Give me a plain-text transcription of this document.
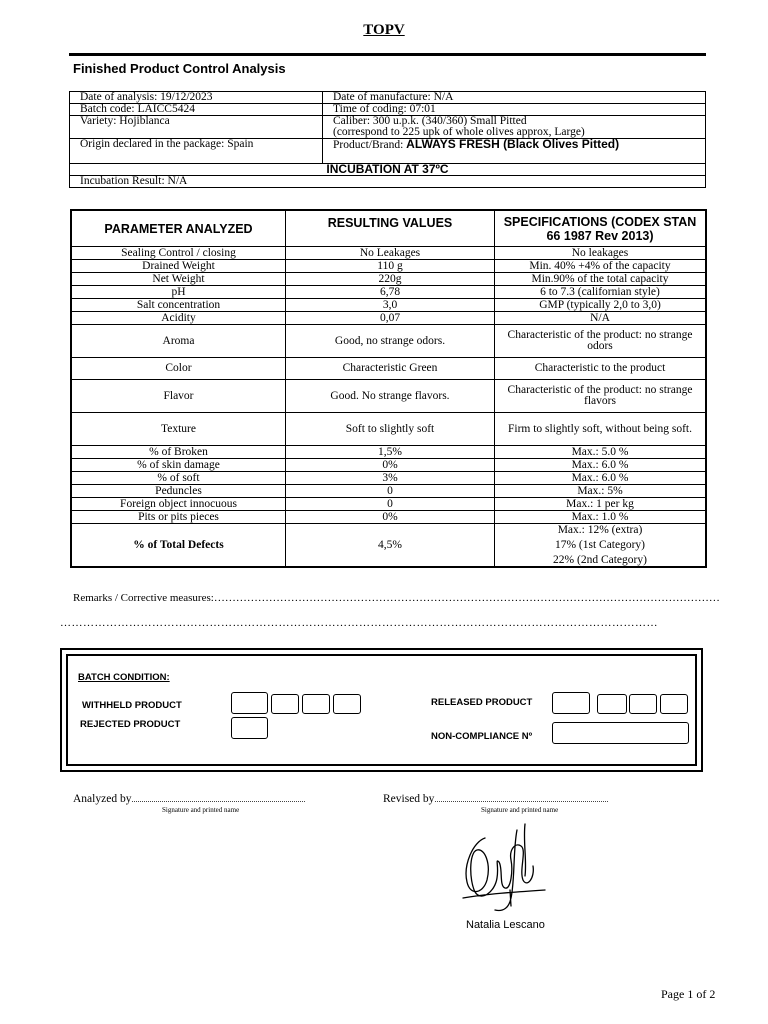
TOPV
Finished Product Control Analysis
Date of analysis: 19/12/2023	Date of manufacture: N/A
Batch code: LAICC5424	Time of coding: 07:01
Variety: Hojiblanca	Caliber: 300 u.p.k. (340/360) Small Pitted
(correspond to 225 upk of whole olives approx, Large)

Origin declared in the package: Spain	Product/Brand: ALWAYS FRESH (Black Olives Pitted)
INCUBATION AT 37ºC	
Incubation Result: N/A	
PARAMETER ANALYZED	RESULTING VALUES	SPECIFICATIONS (CODEX STAN 66 1987 Rev 2013)
Sealing Control / closing	No Leakages	No leakages
Drained Weight	110 g	Min. 40% +4% of the capacity
Net Weight	220g	Min.90% of the total capacity
pH	6,78	6 to 7.3 (californian style)
Salt concentration	3,0	GMP (typically 2,0 to 3,0)
Acidity	0,07	N/A
Aroma	Good, no strange odors.	Characteristic of the product: no strange odors
Color	Characteristic Green	Characteristic to the product
Flavor	Good. No strange flavors.	Characteristic of the product: no strange flavors
Texture	Soft to slightly soft	Firm to slightly soft, without being soft.
% of Broken	1,5%	Max.: 5.0 %
% of skin damage	0%	Max.: 6.0 %
% of soft	3%	Max.: 6.0 %
Peduncles	0	Max.: 5%
Foreign object innocuous	0	Max.: 1 per kg
Pits or pits pieces	0%	Max.: 1.0 %
% of Total Defects	4,5%	Max.: 12% (extra)
17% (1st Category)
22% (2nd Category)
Remarks / Corrective measures:…………………………………………………………………………………………………………………………
…………………………………………………………………………………………………………………………………………
BATCH CONDITION:
WITHHELD PRODUCT
REJECTED PRODUCT
RELEASED PRODUCT
NON-COMPLIANCE Nº
Analyzed by.......................................................................................
Signature and printed name
Revised by.......................................................................................
Signature and printed name
Natalia Lescano
Page 1 of 2
